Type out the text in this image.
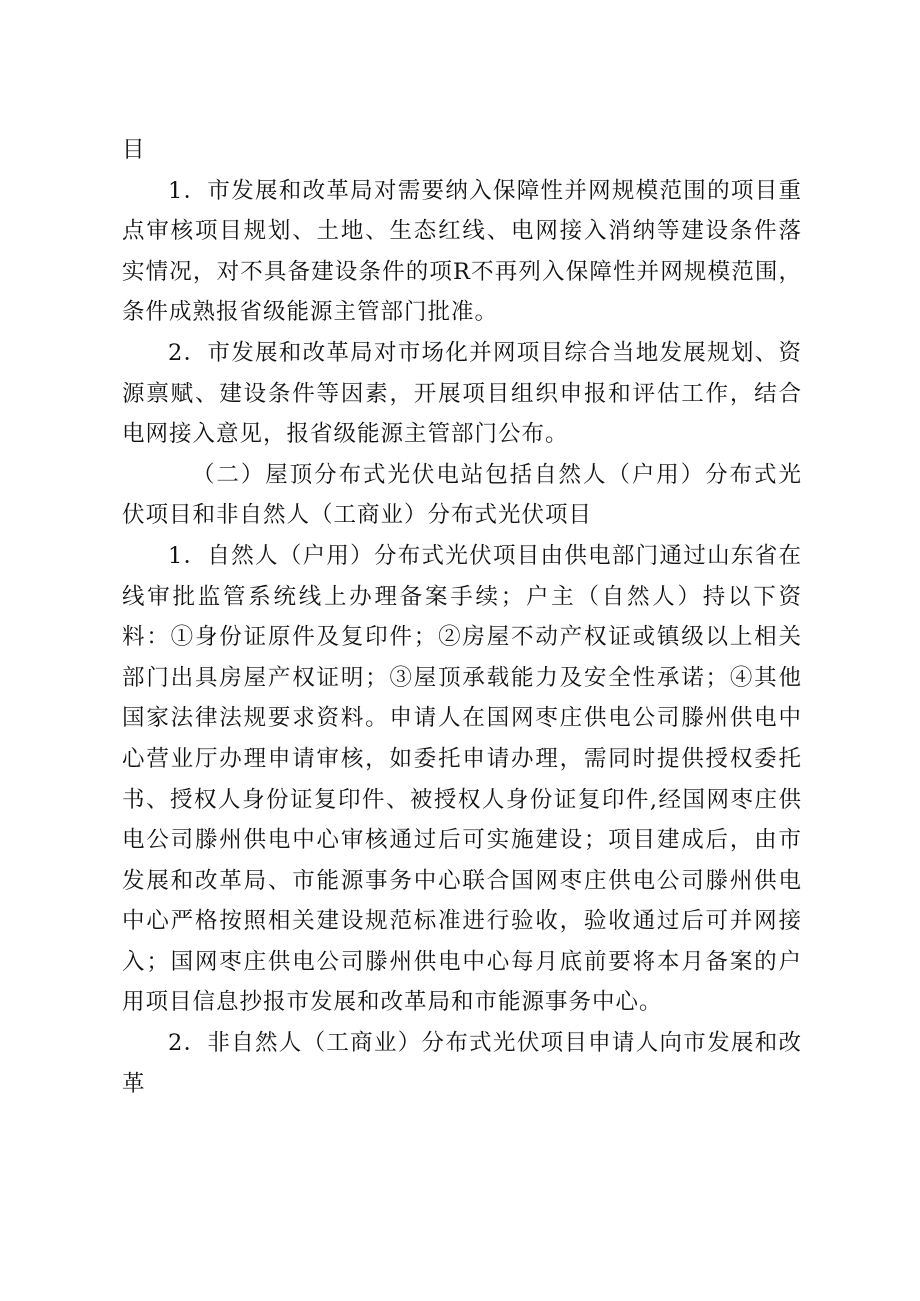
目

1．市发展和改革局对需要纳入保障性并网规模范围的项目重点审核项目规划、土地、生态红线、电网接入消纳等建设条件落实情况，对不具备建设条件的项R不再列入保障性并网规模范围，条件成熟报省级能源主管部门批准。

2．市发展和改革局对市场化并网项目综合当地发展规划、资源禀赋、建设条件等因素，开展项目组织申报和评估工作，结合电网接入意见，报省级能源主管部门公布。

（二）屋顶分布式光伏电站包括自然人（户用）分布式光伏项目和非自然人（工商业）分布式光伏项目

1．自然人（户用）分布式光伏项目由供电部门通过山东省在线审批监管系统线上办理备案手续；户主（自然人）持以下资料：①身份证原件及复印件；②房屋不动产权证或镇级以上相关部门出具房屋产权证明；③屋顶承载能力及安全性承诺；④其他国家法律法规要求资料。申请人在国网枣庄供电公司滕州供电中心营业厅办理申请审核，如委托申请办理，需同时提供授权委托书、授权人身份证复印件、被授权人身份证复印件,经国网枣庄供电公司滕州供电中心审核通过后可实施建设；项目建成后，由市发展和改革局、市能源事务中心联合国网枣庄供电公司滕州供电中心严格按照相关建设规范标准进行验收，验收通过后可并网接入；国网枣庄供电公司滕州供电中心每月底前要将本月备案的户用项目信息抄报市发展和改革局和市能源事务中心。

2．非自然人（工商业）分布式光伏项目申请人向市发展和改革
